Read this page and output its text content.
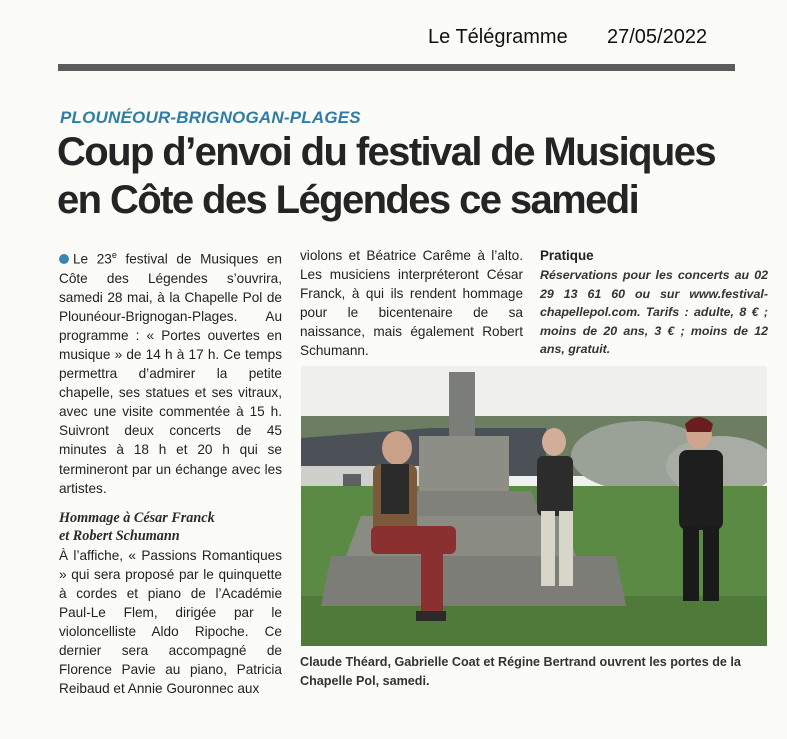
Le Télégramme 27/05/2022
PLOUNÉOUR-BRIGNOGAN-PLAGES
Coup d’envoi du festival de Musiques
en Côte des Légendes ce samedi

Le 23e festival de Musiques en Côte des Légendes s’ouvrira, samedi 28 mai, à la Chapelle Pol de Plounéour-Brignogan-Plages. Au programme : « Portes ouvertes en musique » de 14 h à 17 h. Ce temps permettra d’admirer la petite chapelle, ses statues et ses vitraux, avec une visite commentée à 15 h. Suivront deux concerts de 45 minutes à 18 h et 20 h qui se termineront par un échange avec les artistes.

Hommage à César Franck
et Robert Schumann

À l’affiche, « Passions Romantiques » qui sera proposé par le quinquette à cordes et piano de l’Académie Paul-Le Flem, dirigée par le violoncelliste Aldo Ripoche. Ce dernier sera accompagné de Florence Pavie au piano, Patricia Reibaud et Annie Gouronnec aux

violons et Béatrice Carême à l’alto. Les musiciens interpréteront César Franck, à qui ils rendent hommage pour le bicentenaire de sa naissance, mais également Robert Schumann.

Pratique

Réservations pour les concerts au 02 29 13 61 60 ou sur www.festival-chapellepol.com. Tarifs : adulte, 8 € ; moins de 20 ans, 3 € ; moins de 12 ans, gratuit.

Claude Théard, Gabrielle Coat et Régine Bertrand ouvrent les portes de la Chapelle Pol, samedi.
